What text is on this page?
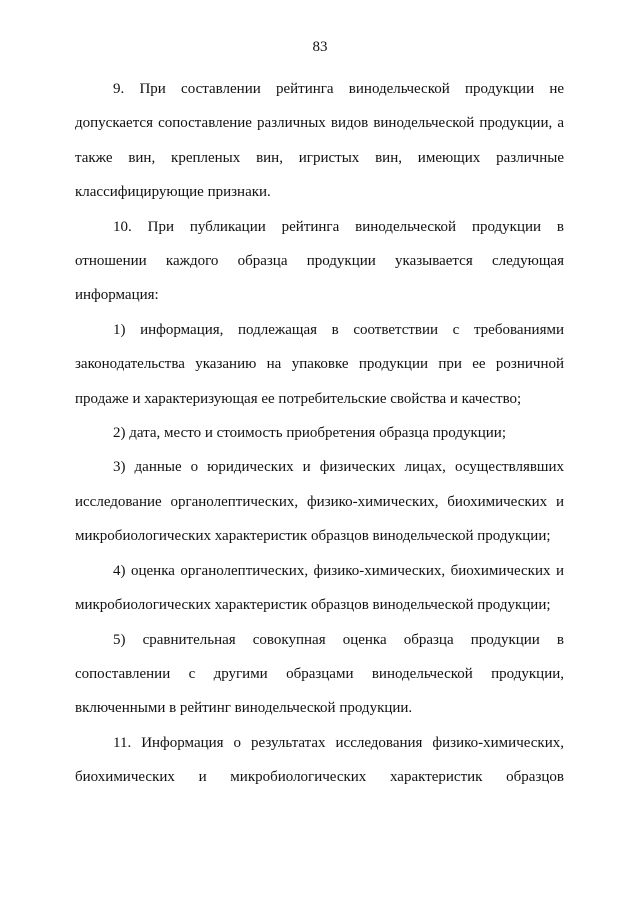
83

9. При составлении рейтинга винодельческой продукции не допускается сопоставление различных видов винодельческой продукции, а также вин, крепленых вин, игристых вин, имеющих различные классифицирующие признаки.

10. При публикации рейтинга винодельческой продукции в отношении каждого образца продукции указывается следующая информация:

1) информация, подлежащая в соответствии с требованиями законодательства указанию на упаковке продукции при ее розничной продаже и характеризующая ее потребительские свойства и качество;

2) дата, место и стоимость приобретения образца продукции;

3) данные о юридических и физических лицах, осуществлявших исследование органолептических, физико-химических, биохимических и микробиологических характеристик образцов винодельческой продукции;

4) оценка органолептических, физико-химических, биохимических и микробиологических характеристик образцов винодельческой продукции;

5) сравнительная совокупная оценка образца продукции в сопоставлении с другими образцами винодельческой продукции, включенными в рейтинг винодельческой продукции.

11. Информация о результатах исследования физико-химических, биохимических и микробиологических характеристик образцов
